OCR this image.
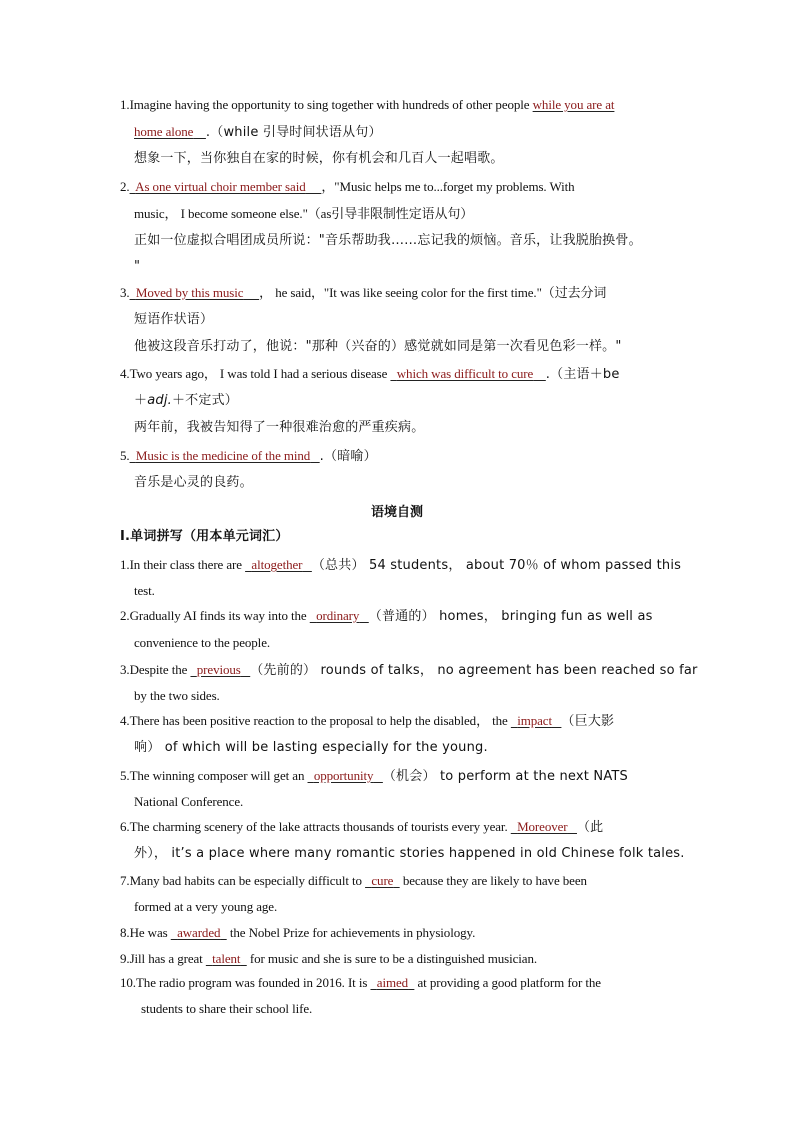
1.Imagine having the opportunity to sing together with hundreds of other people while you are at
home alone .（while 引导时间状语从句）
想象一下，当你独自在家的时候，你有机会和几百人一起唱歌。
2. As one virtual choir member said ，"Music helps me to...forget my problems. With
music， I become someone else."（as引导非限制性定语从句）
正如一位虚拟合唱团成员所说："音乐帮助我……忘记我的烦恼。音乐，让我脱胎换骨。
"
3. Moved by this music ， he said，"It was like seeing color for the first time."（过去分词
短语作状语）
他被这段音乐打动了，他说："那种（兴奋的）感觉就如同是第一次看见色彩一样。"
4.Two years ago， I was told I had a serious disease   which was difficult to cure .（主语＋be
＋adj.＋不定式）
两年前，我被告知得了一种很难治愈的严重疾病。
5. Music is the medicine of the mind .（暗喻）
音乐是心灵的良药。
语境自测
Ⅰ.单词拼写（用本单元词汇）
1.In their class there are   altogether （总共） 54 students， about 70％ of whom passed this
test.
2.Gradually AI finds its way into the   ordinary （普通的） homes， bringing fun as well as
convenience to the people.
3.Despite the   previous （先前的） rounds of talks， no agreement has been reached so far
by the two sides.
4.There has been positive reaction to the proposal to help the disabled， the   impact （巨大影
响） of which will be lasting especially for the young.
5.The winning composer will get an   opportunity （机会） to perform at the next NATS
National Conference.
6.The charming scenery of the lake attracts thousands of tourists every year.   Moreover （此
外）， it’s a place where many romantic stories happened in old Chinese folk tales.
7.Many bad habits can be especially difficult to   cure   because they are likely to have been
formed at a very young age.
8.He was   awarded   the Nobel Prize for achievements in physiology.
9.Jill has a great   talent   for music and she is sure to be a distinguished musician.
10.The radio program was founded in 2016. It is   aimed   at providing a good platform for the
students to share their school life.
